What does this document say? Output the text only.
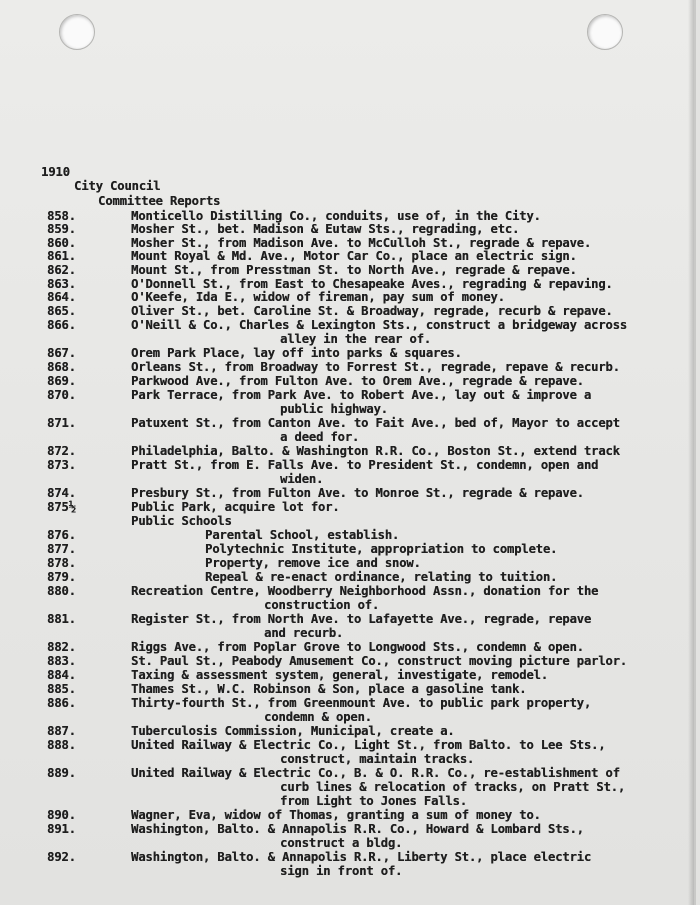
1910
City Council
Committee Reports
858.	Monticello Distilling Co., conduits, use of, in the City.
859.	Mosher St., bet. Madison & Eutaw Sts., regrading, etc.
860.	Mosher St., from Madison Ave. to McCulloh St., regrade & repave.
861.	Mount Royal & Md. Ave., Motor Car Co., place an electric sign.
862.	Mount St., from Presstman St. to North Ave., regrade & repave.
863.	O'Donnell St., from East to Chesapeake Aves., regrading & repaving.
864.	O'Keefe, Ida E., widow of fireman, pay sum of money.
865.	Oliver St., bet. Caroline St. & Broadway, regrade, recurb & repave.
866.	O'Neill & Co., Charles & Lexington Sts., construct a bridgeway across
alley in the rear of.
867.	Orem Park Place, lay off into parks & squares.
868.	Orleans St., from Broadway to Forrest St., regrade, repave & recurb.
869.	Parkwood Ave., from Fulton Ave. to Orem Ave., regrade & repave.
870.	Park Terrace, from Park Ave. to Robert Ave., lay out & improve a
public highway.
871.	Patuxent St., from Canton Ave. to Fait Ave., bed of, Mayor to accept
a deed for.
872.	Philadelphia, Balto. & Washington R.R. Co., Boston St., extend track
873.	Pratt St., from E. Falls Ave. to President St., condemn, open and
widen.
874.	Presbury St., from Fulton Ave. to Monroe St., regrade & repave.
875½	Public Park, acquire lot for.
Public Schools
876.	Parental School, establish.
877.	Polytechnic Institute, appropriation to complete.
878.	Property, remove ice and snow.
879.	Repeal & re-enact ordinance, relating to tuition.
880.	Recreation Centre, Woodberry Neighborhood Assn., donation for the
construction of.
881.	Register St., from North Ave. to Lafayette Ave., regrade, repave
and recurb.
882.	Riggs Ave., from Poplar Grove to Longwood Sts., condemn & open.
883.	St. Paul St., Peabody Amusement Co., construct moving picture parlor.
884.	Taxing & assessment system, general, investigate, remodel.
885.	Thames St., W.C. Robinson & Son, place a gasoline tank.
886.	Thirty-fourth St., from Greenmount Ave. to public park property,
condemn & open.
887.	Tuberculosis Commission, Municipal, create a.
888.	United Railway & Electric Co., Light St., from Balto. to Lee Sts.,
construct, maintain tracks.
889.	United Railway & Electric Co., B. & O. R.R. Co., re-establishment of
curb lines & relocation of tracks, on Pratt St.,
from Light to Jones Falls.
890.	Wagner, Eva, widow of Thomas, granting a sum of money to.
891.	Washington, Balto. & Annapolis R.R. Co., Howard & Lombard Sts.,
construct a bldg.
892.	Washington, Balto. & Annapolis R.R., Liberty St., place electric
sign in front of.
